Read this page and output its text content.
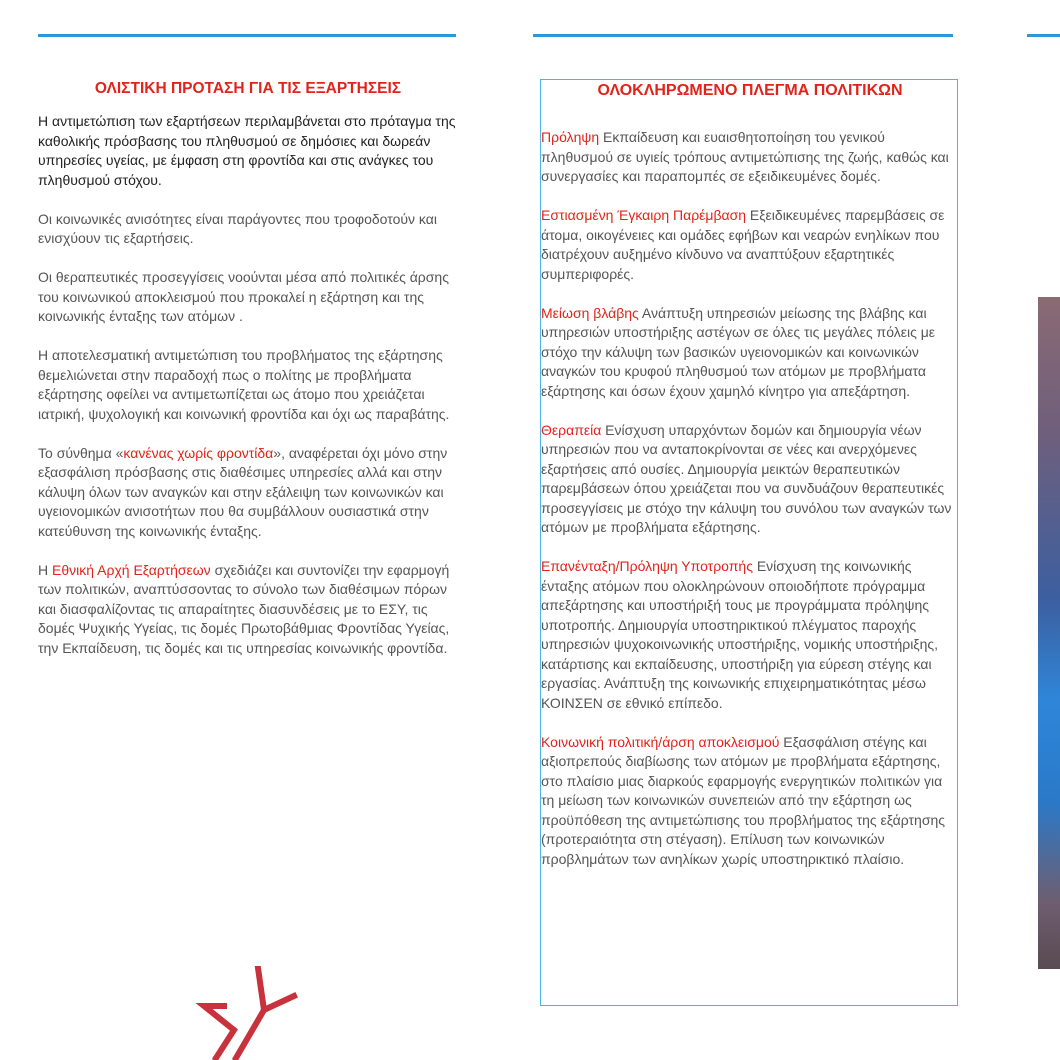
ΟΛΙΣΤΙΚΗ ΠΡΟΤΑΣΗ ΓΙΑ ΤΙΣ ΕΞΑΡΤΗΣΕΙΣ

Η αντιμετώπιση των εξαρτήσεων περιλαμβάνεται στο πρόταγμα της καθολικής πρόσβασης του πληθυσμού σε δημόσιες και δωρεάν υπηρεσίες υγείας, με έμφαση στη φροντίδα και στις ανάγκες του πληθυσμού στόχου.

Οι κοινωνικές ανισότητες είναι παράγοντες που τροφοδοτούν και ενισχύουν τις εξαρτήσεις.

Οι θεραπευτικές προσεγγίσεις νοούνται μέσα από πολιτικές άρσης του κοινωνικού αποκλεισμού που προκαλεί η εξάρτηση και της κοινωνικής ένταξης των ατόμων .

Η αποτελεσματική αντιμετώπιση του προβλήματος της εξάρτησης θεμελιώνεται στην παραδοχή πως ο πολίτης με προβλήματα εξάρτησης οφείλει να αντιμετωπίζεται ως άτομο που χρειάζεται ιατρική, ψυχολογική και κοινωνική φροντίδα και όχι ως παραβάτης.

Το σύνθημα «κανένας χωρίς φροντίδα», αναφέρεται όχι μόνο στην εξασφάλιση πρόσβασης στις διαθέσιμες υπηρεσίες αλλά και στην κάλυψη όλων των αναγκών και στην εξάλειψη των κοινωνικών και υγειονομικών ανισοτήτων που θα συμβάλλουν ουσιαστικά στην κατεύθυνση της κοινωνικής ένταξης.

Η Εθνική Αρχή Εξαρτήσεων σχεδιάζει και συντονίζει την εφαρμογή των πολιτικών, αναπτύσσοντας το σύνολο των διαθέσιμων πόρων και διασφαλίζοντας τις απαραίτητες διασυνδέσεις με το ΕΣΥ, τις δομές Ψυχικής Υγείας, τις δομές Πρωτοβάθμιας Φροντίδας Υγείας, την Εκπαίδευση, τις δομές και τις υπηρεσίας κοινωνικής φροντίδα.

ΟΛΟΚΛΗΡΩΜΕΝΟ ΠΛΕΓΜΑ ΠΟΛΙΤΙΚΩΝ

Πρόληψη Εκπαίδευση και ευαισθητοποίηση του γενικού πληθυσμού σε υγιείς τρόπους αντιμετώπισης της ζωής, καθώς και συνεργασίες και παραπομπές σε εξειδικευμένες δομές.

Εστιασμένη Έγκαιρη Παρέμβαση Εξειδικευμένες παρεμβάσεις σε άτομα, οικογένειες και ομάδες εφήβων και νεαρών ενηλίκων που διατρέχουν αυξημένο κίνδυνο να αναπτύξουν εξαρτητικές συμπεριφορές.

Μείωση βλάβης Ανάπτυξη υπηρεσιών μείωσης της βλάβης και υπηρεσιών υποστήριξης αστέγων σε όλες τις μεγάλες πόλεις με στόχο την κάλυψη των βασικών υγειονομικών και κοινωνικών αναγκών του κρυφού πληθυσμού των ατόμων με προβλήματα εξάρτησης και όσων έχουν χαμηλό κίνητρο για απεξάρτηση.

Θεραπεία Ενίσχυση υπαρχόντων δομών και δημιουργία νέων υπηρεσιών που να ανταποκρίνονται σε νέες και ανερχόμενες εξαρτήσεις από ουσίες. Δημιουργία μεικτών θεραπευτικών παρεμβάσεων όπου χρειάζεται που να συνδυάζουν θεραπευτικές προσεγγίσεις με στόχο την κάλυψη του συνόλου των αναγκών των ατόμων με προβλήματα εξάρτησης.

Επανένταξη/Πρόληψη Υποτροπής Ενίσχυση της κοινωνικής ένταξης ατόμων που ολοκληρώνουν οποιοδήποτε πρόγραμμα απεξάρτησης και υποστήριξή τους με προγράμματα πρόληψης υποτροπής. Δημιουργία υποστηρικτικού πλέγματος παροχής υπηρεσιών ψυχοκοινωνικής υποστήριξης, νομικής υποστήριξης, κατάρτισης και εκπαίδευσης, υποστήριξη για εύρεση στέγης και εργασίας. Ανάπτυξη της κοινωνικής επιχειρηματικότητας μέσω ΚΟΙΝΣΕΝ σε εθνικό επίπεδο.

Κοινωνική πολιτική/άρση αποκλεισμού Εξασφάλιση στέγης και αξιοπρεπούς διαβίωσης των ατόμων με προβλήματα εξάρτησης, στο πλαίσιο μιας διαρκούς εφαρμογής ενεργητικών πολιτικών για τη μείωση των κοινωνικών συνεπειών από την εξάρτηση ως προϋπόθεση της αντιμετώπισης του προβλήματος της εξάρτησης (προτεραιότητα στη στέγαση). Επίλυση των κοινωνικών προβλημάτων των ανηλίκων χωρίς υποστηρικτικό πλαίσιο.
